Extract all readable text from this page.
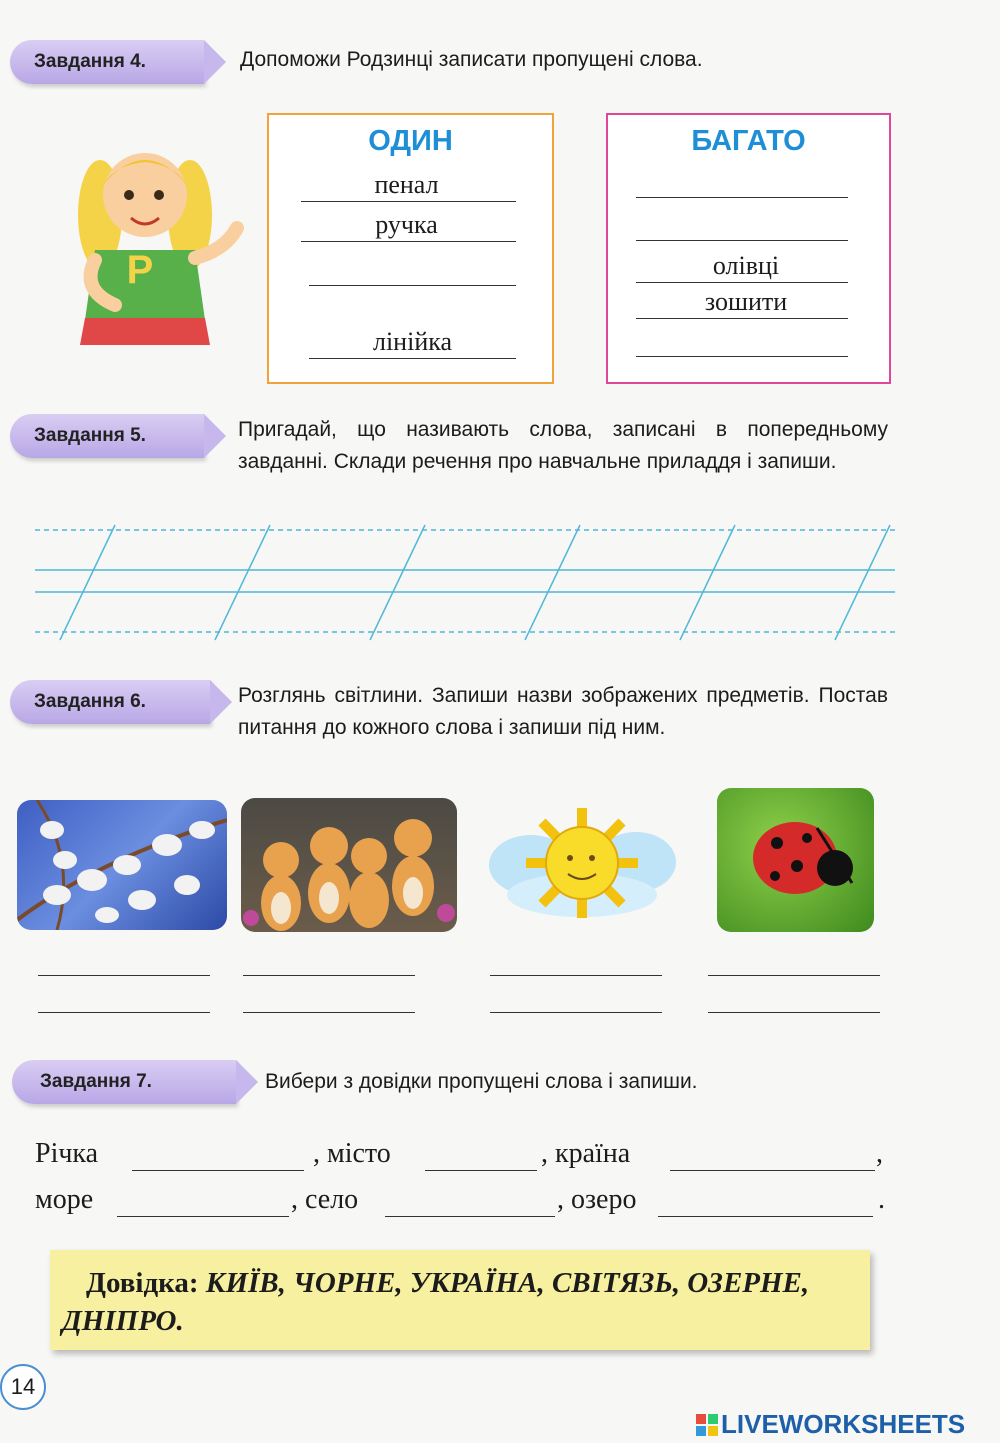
Завдання 4.	Допоможи Родзинці записати пропущені слова.
Р
ОДИН
пенал
ручка
лінійка
БАГАТО
олівці
зошити
Завдання 5.	Пригадай, що називають слова, записані в попередньому завданні. Склади речення про навчальне приладдя і запиши.
Завдання 6.	Розглянь світлини. Запиши назви зображених предметів. Постав питання до кожного слова і запиши під ним.
Завдання 7.	Вибери з довідки пропущені слова і запиши.
Річка	, місто	, країна	,
море	, село	, озеро	.
Довідка: КИЇВ, ЧОРНЕ, УКРАЇНА, СВІТЯЗЬ, ОЗЕРНЕ, ДНІПРО.
14
LIVEWORKSHEETS
